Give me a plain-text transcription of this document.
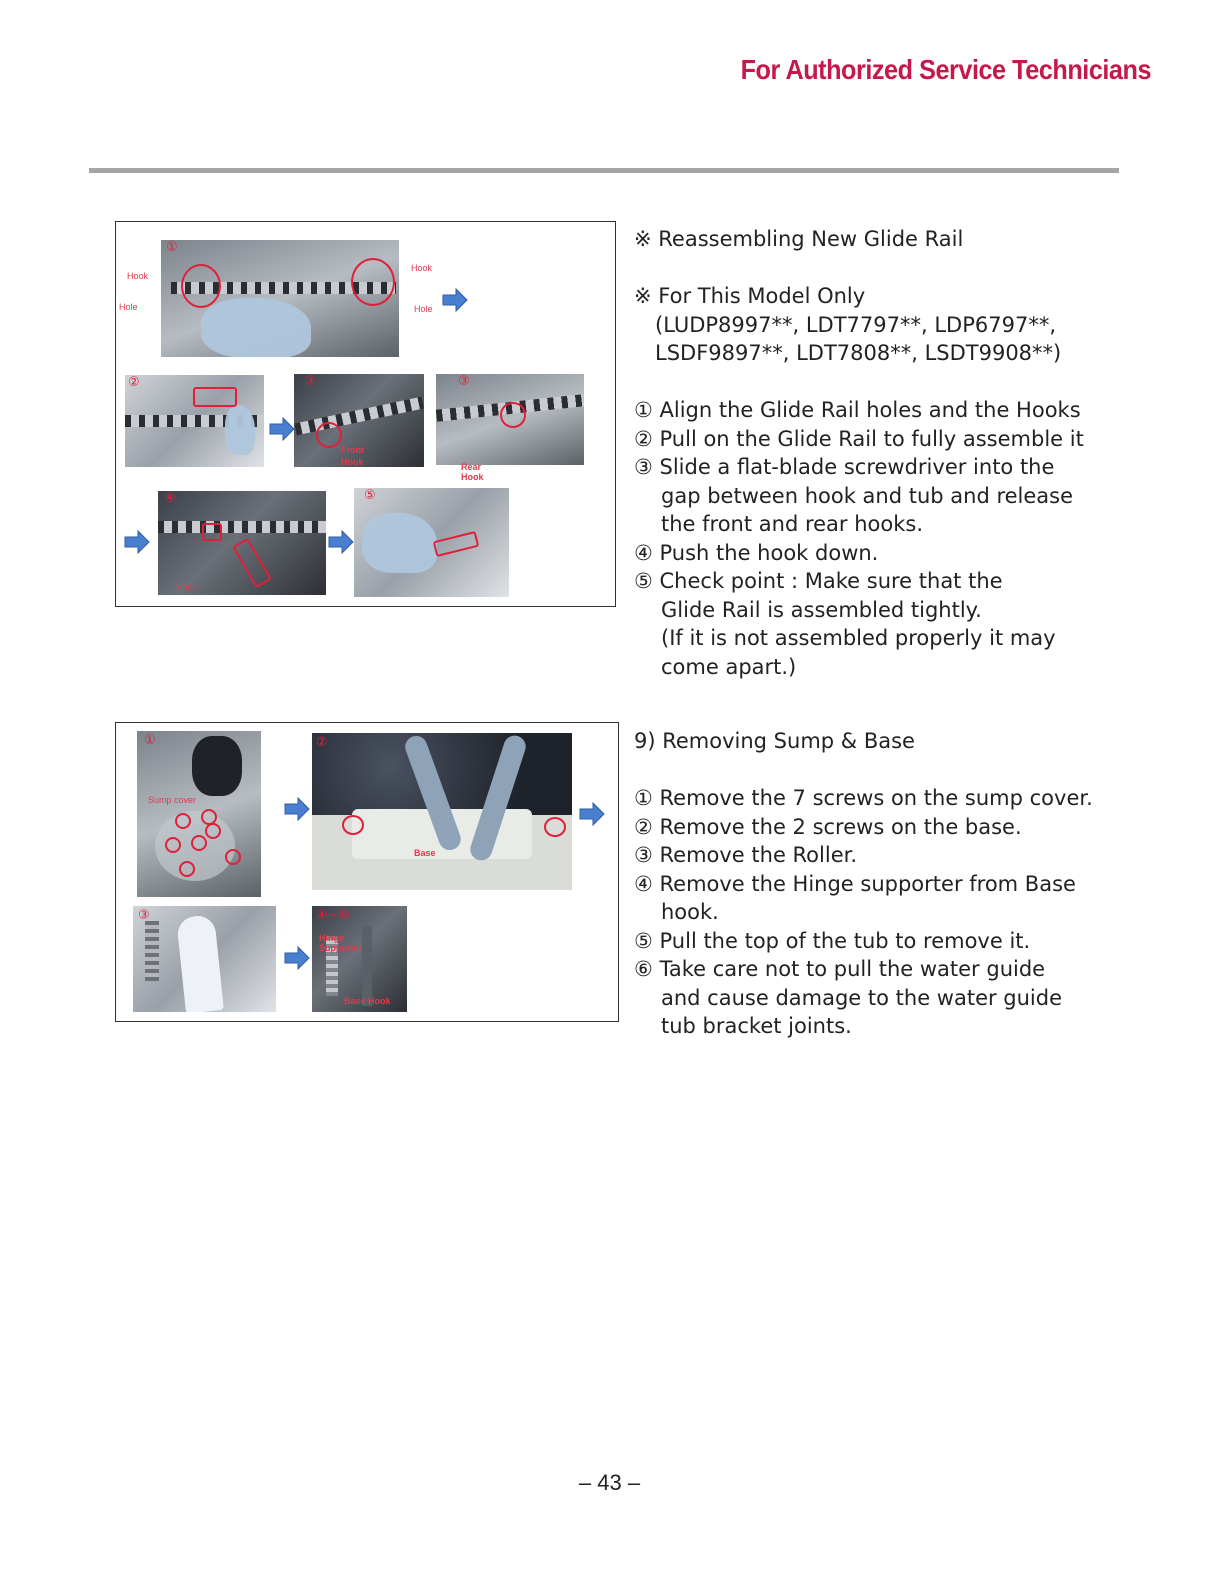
For Authorized Service Technicians
①
Hook
Hole
Hook
Hole
②	③
Front Hook
③
Rear Hook
④
Hook
⑤

※ Reassembling New Glide Rail

※ For This Model Only

(LUDP8997**, LDT7797**, LDP6797**,

LSDF9897**, LDT7808**, LSDT9908**)

① Align the Glide Rail holes and the Hooks

② Pull on the Glide Rail to fully assemble it

③ Slide a flat-blade screwdriver into the

gap between hook and tub and release

the front and rear hooks.

④ Push the hook down.

⑤ Check point : Make sure that the

Glide Rail is assembled tightly.

(If it is not assembled properly it may

come apart.)

①
Sump cover
②
Base
③	④~⑥
Hinge Supporter
Base Hook

9) Removing Sump & Base

① Remove the 7 screws on the sump cover.

② Remove the 2 screws on the base.

③ Remove the Roller.

④ Remove the Hinge supporter from Base

hook.

⑤ Pull the top of the tub to remove it.

⑥ Take care not to pull the water guide

and cause damage to the water guide

tub bracket joints.

– 43 –
